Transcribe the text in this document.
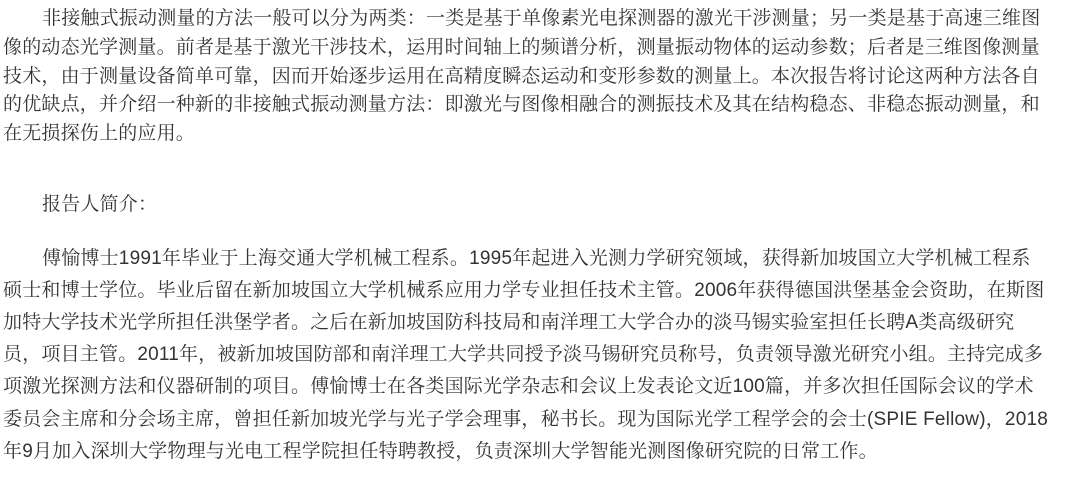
非接触式振动测量的方法一般可以分为两类：一类是基于单像素光电探测器的激光干涉测量；另一类是基于高速三维图
像的动态光学测量。前者是基于激光干涉技术，运用时间轴上的频谱分析，测量振动物体的运动参数；后者是三维图像测量
技术，由于测量设备简单可靠，因而开始逐步运用在高精度瞬态运动和变形参数的测量上。本次报告将讨论这两种方法各自
的优缺点，并介绍一种新的非接触式振动测量方法：即激光与图像相融合的测振技术及其在结构稳态、非稳态振动测量，和
在无损探伤上的应用。
报告人简介：
傅愉博士1991年毕业于上海交通大学机械工程系。1995年起进入光测力学研究领域，获得新加坡国立大学机械工程系
硕士和博士学位。毕业后留在新加坡国立大学机械系应用力学专业担任技术主管。2006年获得德国洪堡基金会资助，在斯图
加特大学技术光学所担任洪堡学者。之后在新加坡国防科技局和南洋理工大学合办的淡马锡实验室担任长聘A类高级研究
员，项目主管。2011年，被新加坡国防部和南洋理工大学共同授予淡马锡研究员称号，负责领导激光研究小组。主持完成多
项激光探测方法和仪器研制的项目。傅愉博士在各类国际光学杂志和会议上发表论文近100篇，并多次担任国际会议的学术
委员会主席和分会场主席，曾担任新加坡光学与光子学会理事，秘书长。现为国际光学工程学会的会士(SPIE Fellow)，2018
年9月加入深圳大学物理与光电工程学院担任特聘教授，负责深圳大学智能光测图像研究院的日常工作。
